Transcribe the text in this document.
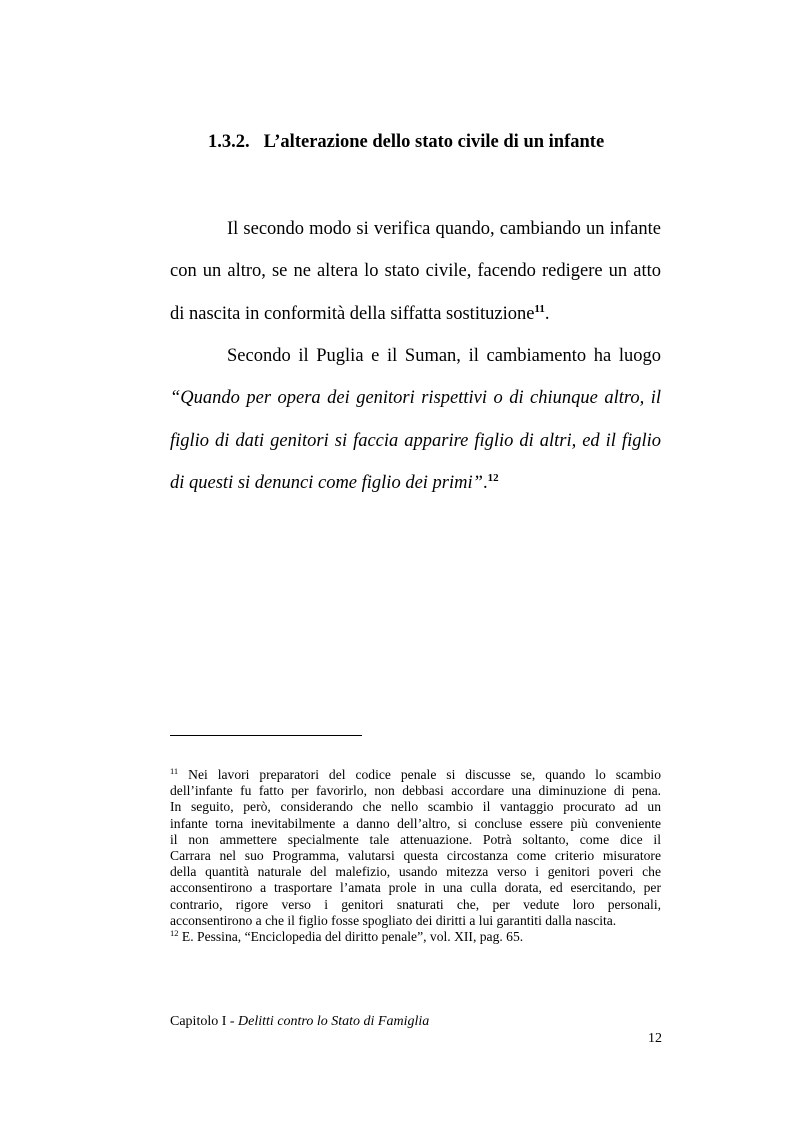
1.3.2. L’alterazione dello stato civile di un infante
Il secondo modo si verifica quando, cambiando un infante
con un altro, se ne altera lo stato civile, facendo redigere un atto
di nascita in conformità della siffatta sostituzione$^{11}$.
Secondo il Puglia e il Suman, il cambiamento ha luogo
“Quando per opera dei genitori rispettivi o di chiunque altro, il
figlio di dati genitori si faccia apparire figlio di altri, ed il figlio
di questi si denunci come figlio dei primi”.$^{12}$
$^{11}$ Nei lavori preparatori del codice penale si discusse se, quando lo scambio
dell’infante fu fatto per favorirlo, non debbasi accordare una diminuzione di pena.
In seguito, però, considerando che nello scambio il vantaggio procurato ad un
infante torna inevitabilmente a danno dell’altro, si concluse essere più conveniente
il non ammettere specialmente tale attenuazione. Potrà soltanto, come dice il
Carrara nel suo Programma, valutarsi questa circostanza come criterio misuratore
della quantità naturale del malefizio, usando mitezza verso i genitori poveri che
acconsentirono a trasportare l’amata prole in una culla dorata, ed esercitando, per
contrario, rigore verso i genitori snaturati che, per vedute loro personali,
acconsentirono a che il figlio fosse spogliato dei diritti a lui garantiti dalla nascita.
$^{12}$ E. Pessina, “Enciclopedia del diritto penale”, vol. XII, pag. 65.
Capitolo I - Delitti contro lo Stato di Famiglia
12
